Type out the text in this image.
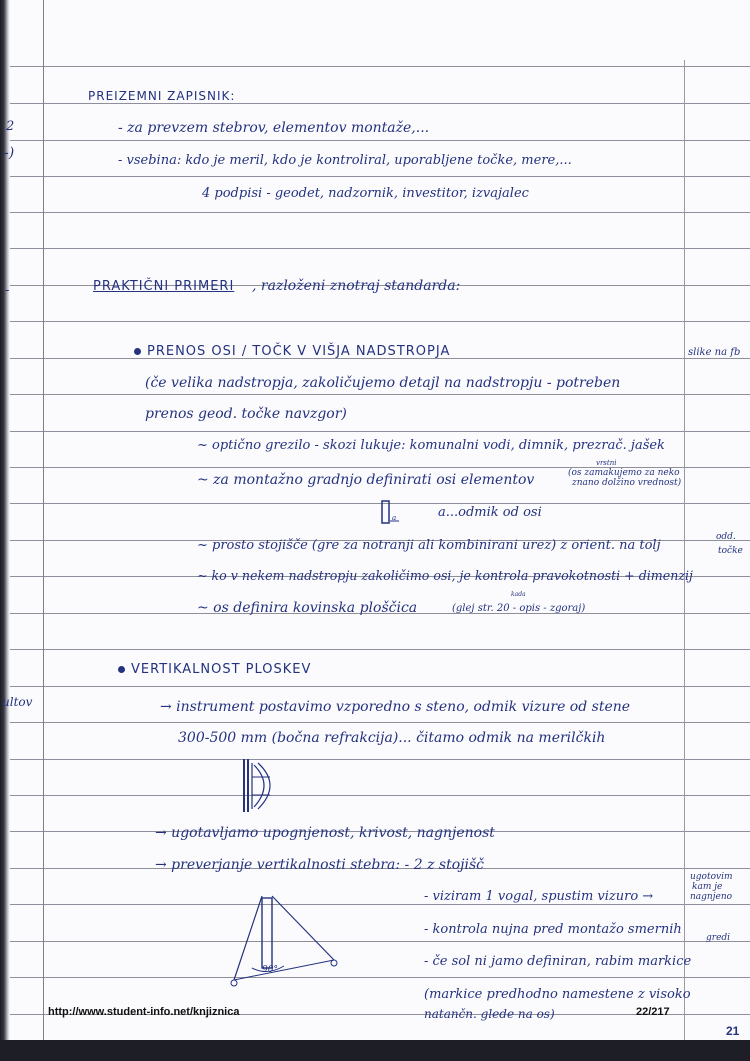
2
-)
-
ultov
PREIZEMNI ZAPISNIK:
- za prevzem stebrov, elementov montaže,...
- vsebina: kdo je meril, kdo je kontroliral, uporabljene točke, mere,...
4 podpisi - geodet, nadzornik, investitor, izvajalec
PRAKTIČNI PRIMERI , razloženi znotraj standarda:
PRENOS OSI / TOČK V VIŠJA NADSTROPJA	slike na fb
(če velika nadstropja, zakoličujemo detajl na nadstropju - potreben
prenos geod. točke navzgor)
~ optično grezilo - skozi lukuje: komunalni vodi, dimnik, prezrač. jašek
~ za montažno gradnjo definirati osi elementov
vrstni
(os zamakujemo za neko
znano dolžino vrednost)
a	a...odmik od osi
~ prosto stojišče (gre za notranji ali kombinirani urez) z orient. na tolj
odd.
točke
~ ko v nekem nadstropju zakoličimo osi, je kontrola pravokotnosti + dimenzij
~ os definira kovinska ploščica	(glej str. 20 - opis - zgoraj)
kada
VERTIKALNOST PLOSKEV
→ instrument postavimo vzporedno s steno, odmik vizure od stene
300-500 mm (bočna refrakcija)... čitamo odmik na merilčkih
→ ugotavljamo upognjenost, krivost, nagnjenost
→ preverjanje vertikalnosti stebra: - 2 z stojišč
ugotovim
kam je
nagnjeno
- viziram 1 vogal, spustim vizuro →
- kontrola nujna pred montažo smernih
gredi
- če sol ni jamo definiran, rabim markice
(markice predhodno namestene z visoko
natančn. glede na os)
90°
http://www.student-info.net/knjiznica	22/217
21
